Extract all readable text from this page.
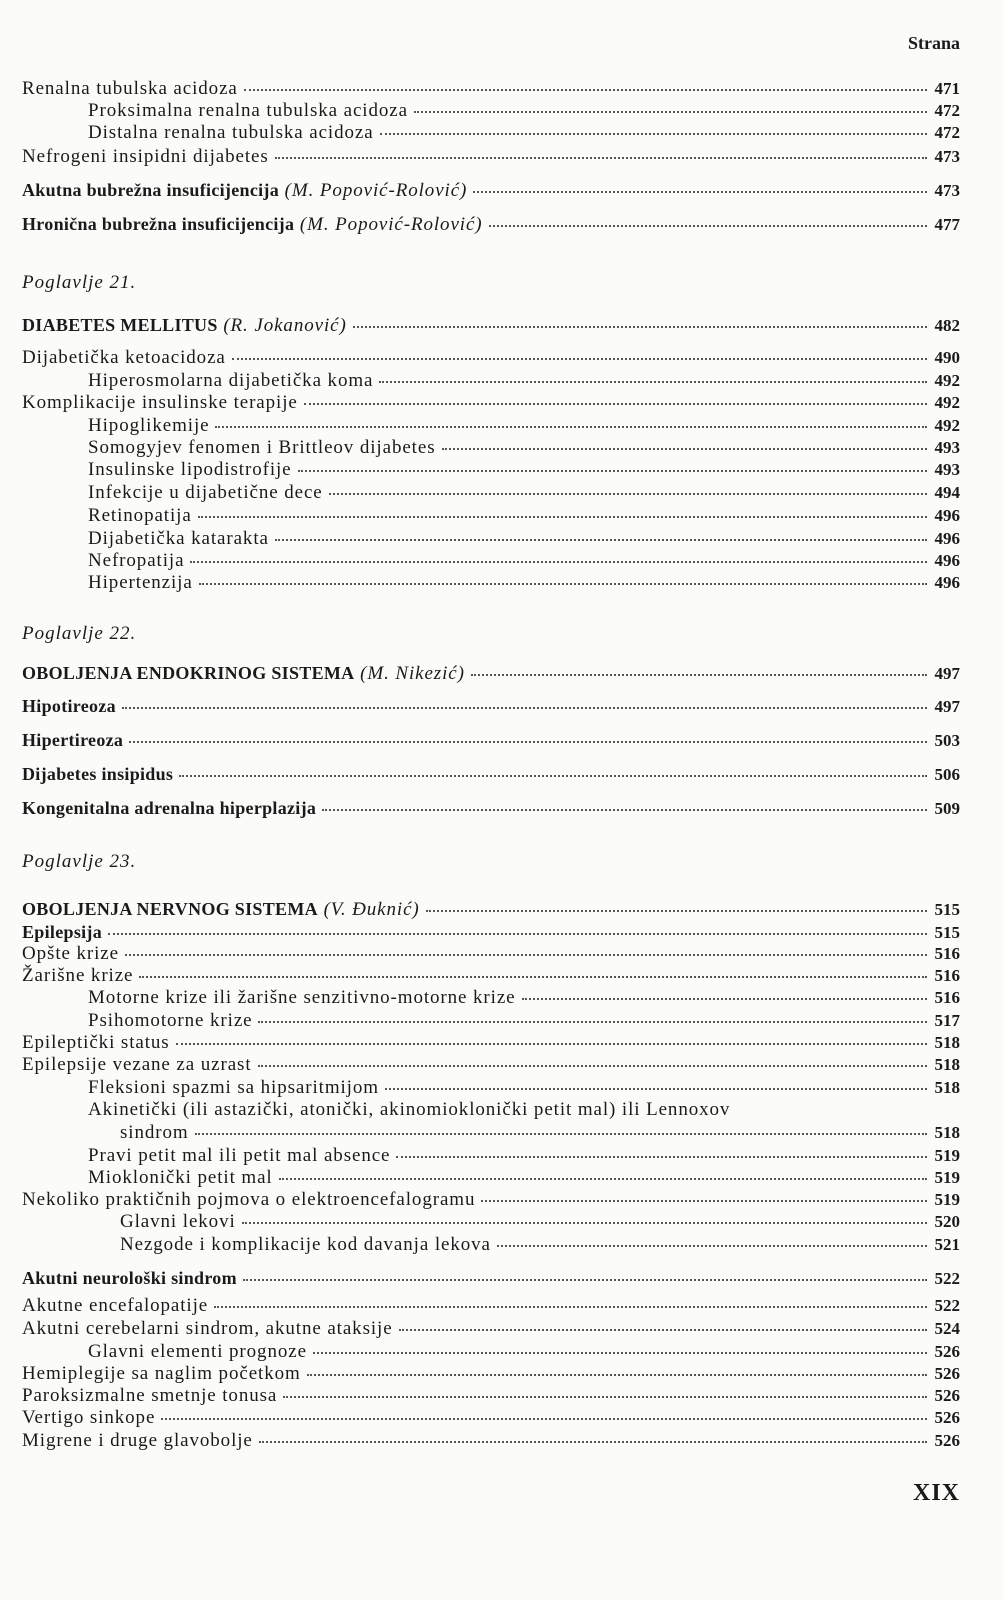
Strana
Renalna tubulska acidoza	471
Proksimalna renalna tubulska acidoza	472
Distalna renalna tubulska acidoza	472
Nefrogeni insipidni dijabetes	473
Akutna bubrežna insuficijencija (M. Popović-Rolović)	473
Hronična bubrežna insuficijencija (M. Popović-Rolović)	477
Poglavlje 21.
DIABETES MELLITUS (R. Jokanović)	482
Dijabetička ketoacidoza	490
Hiperosmolarna dijabetička koma	492
Komplikacije insulinske terapije	492
Hipoglikemije	492
Somogyjev fenomen i Brittleov dijabetes	493
Insulinske lipodistrofije	493
Infekcije u dijabetične dece	494
Retinopatija	496
Dijabetička katarakta	496
Nefropatija	496
Hipertenzija	496
Poglavlje 22.
OBOLJENJA ENDOKRINOG SISTEMA (M. Nikezić)	497
Hipotireoza	497
Hipertireoza	503
Dijabetes insipidus	506
Kongenitalna adrenalna hiperplazija	509
Poglavlje 23.
OBOLJENJA NERVNOG SISTEMA (V. Đuknić)	515
Epilepsija	515
Opšte krize	516
Žarišne krize	516
Motorne krize ili žarišne senzitivno-motorne krize	516
Psihomotorne krize	517
Epileptički status	518
Epilepsije vezane za uzrast	518
Fleksioni spazmi sa hipsaritmijom	518
Akinetički (ili astazički, atonički, akinomioklonički petit mal) ili Lennoxov
sindrom	518
Pravi petit mal ili petit mal absence	519
Mioklonički petit mal	519
Nekoliko praktičnih pojmova o elektroencefalogramu	519
Glavni lekovi	520
Nezgode i komplikacije kod davanja lekova	521
Akutni neurološki sindrom	522
Akutne encefalopatije	522
Akutni cerebelarni sindrom, akutne ataksije	524
Glavni elementi prognoze	526
Hemiplegije sa naglim početkom	526
Paroksizmalne smetnje tonusa	526
Vertigo sinkope	526
Migrene i druge glavobolje	526
XIX
